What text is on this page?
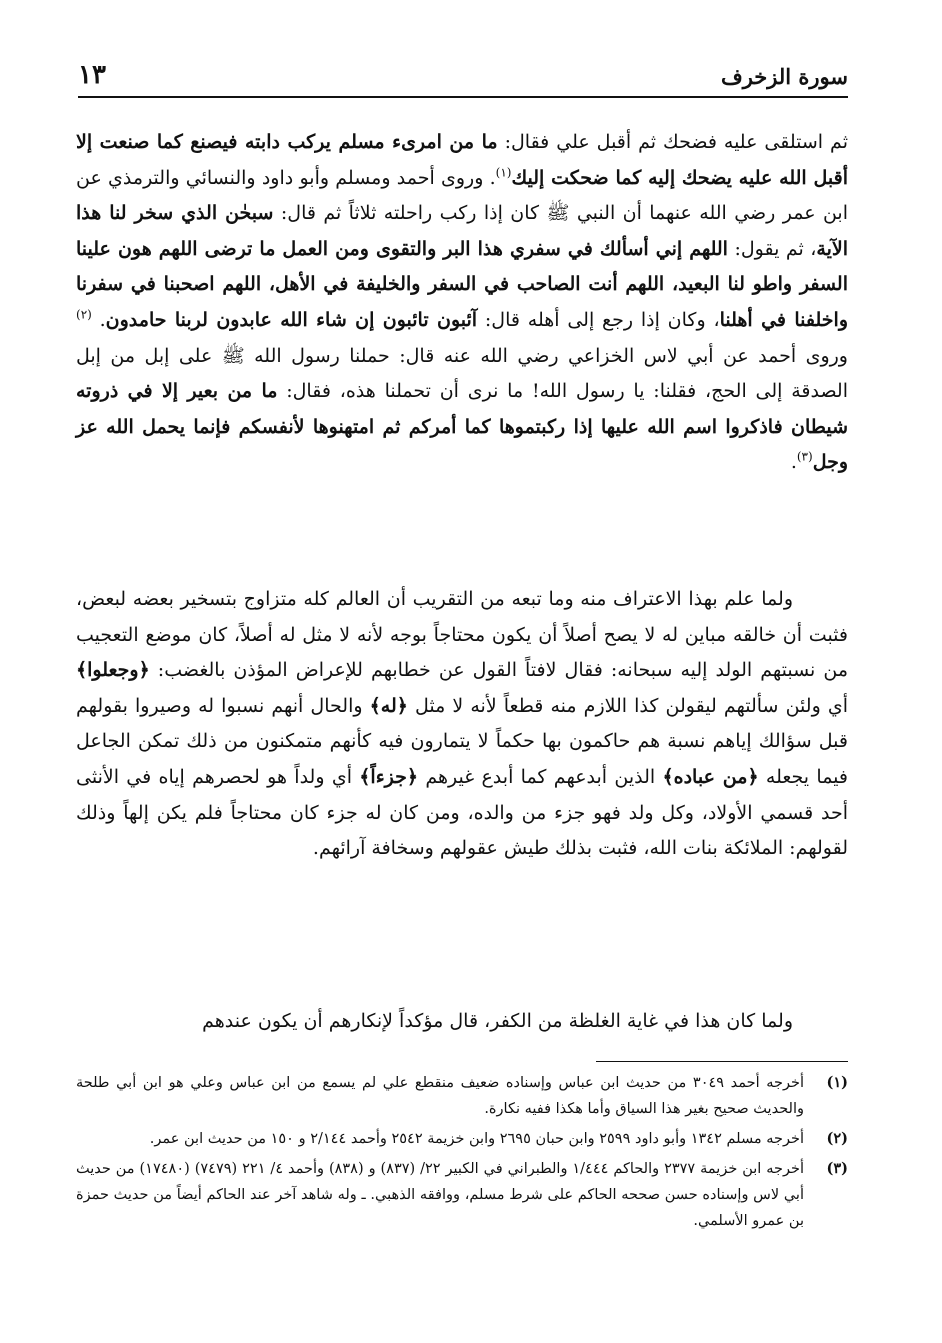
سورة الزخرف
١٣
ثم استلقى عليه فضحك ثم أقبل علي فقال: ما من امرىء مسلم يركب دابته فيصنع كما صنعت إلا أقبل الله عليه يضحك إليه كما ضحكت إليك$^{(١)}$. وروى أحمد ومسلم وأبو داود والنسائي والترمذي عن ابن عمر رضي الله عنهما أن النبي ﷺ كان إذا ركب راحلته ثلاثاً ثم قال: سبحٰن الذي سخر لنا هذا الآية، ثم يقول: اللهم إني أسألك في سفري هذا البر والتقوى ومن العمل ما ترضى اللهم هون علينا السفر واطو لنا البعيد، اللهم أنت الصاحب في السفر والخليفة في الأهل، اللهم اصحبنا في سفرنا واخلفنا في أهلنا، وكان إذا رجع إلى أهله قال: آئبون تائبون إن شاء الله عابدون لربنا حامدون. $^{(٢)}$ وروى أحمد عن أبي لاس الخزاعي رضي الله عنه قال: حملنا رسول الله ﷺ على إبل من إبل الصدقة إلى الحج، فقلنا: يا رسول الله! ما نرى أن تحملنا هذه، فقال: ما من بعير إلا في ذروته شيطان فاذكروا اسم الله عليها إذا ركبتموها كما أمركم ثم امتهنوها لأنفسكم فإنما يحمل الله عز وجل$^{(٣)}$.
ولما علم بهذا الاعتراف منه وما تبعه من التقريب أن العالم كله متزاوج بتسخير بعضه لبعض، فثبت أن خالقه مباين له لا يصح أصلاً أن يكون محتاجاً بوجه لأنه لا مثل له أصلاً، كان موضع التعجيب من نسبتهم الولد إليه سبحانه: فقال لافتاً القول عن خطابهم للإعراض المؤذن بالغضب: ﴿وجعلوا﴾ أي ولئن سألتهم ليقولن كذا اللازم منه قطعاً لأنه لا مثل ﴿له﴾ والحال أنهم نسبوا له وصيروا بقولهم قبل سؤالك إياهم نسبة هم حاكمون بها حكماً لا يتمارون فيه كأنهم متمكنون من ذلك تمكن الجاعل فيما يجعله ﴿من عباده﴾ الذين أبدعهم كما أبدع غيرهم ﴿جزءاً﴾ أي ولداً هو لحصرهم إياه في الأنثى أحد قسمي الأولاد، وكل ولد فهو جزء من والده، ومن كان له جزء كان محتاجاً فلم يكن إلهاً وذلك لقولهم: الملائكة بنات الله، فثبت بذلك طيش عقولهم وسخافة آرائهم.
ولما كان هذا في غاية الغلظة من الكفر، قال مؤكداً لإنكارهم أن يكون عندهم
(١)
أخرجه أحمد ٣٠٤٩ من حديث ابن عباس وإسناده ضعيف منقطع علي لم يسمع من ابن عباس وعلي هو ابن أبي طلحة والحديث صحيح بغير هذا السياق وأما هكذا ففيه نكارة.
(٢)
أخرجه مسلم ١٣٤٢ وأبو داود ٢٥٩٩ وابن حبان ٢٦٩٥ وابن خزيمة ٢٥٤٢ وأحمد ٢/١٤٤ و ١٥٠ من حديث ابن عمر.
(٣)
أخرجه ابن خزيمة ٢٣٧٧ والحاكم ١/٤٤٤ والطبراني في الكبير ٢٢/ (٨٣٧) و (٨٣٨) وأحمد ٤/ ٢٢١ (٧٤٧٩) (١٧٤٨٠) من حديث أبي لاس وإسناده حسن صححه الحاكم على شرط مسلم، ووافقه الذهبي. ـ وله شاهد آخر عند الحاكم أيضاً من حديث حمزة بن عمرو الأسلمي.
